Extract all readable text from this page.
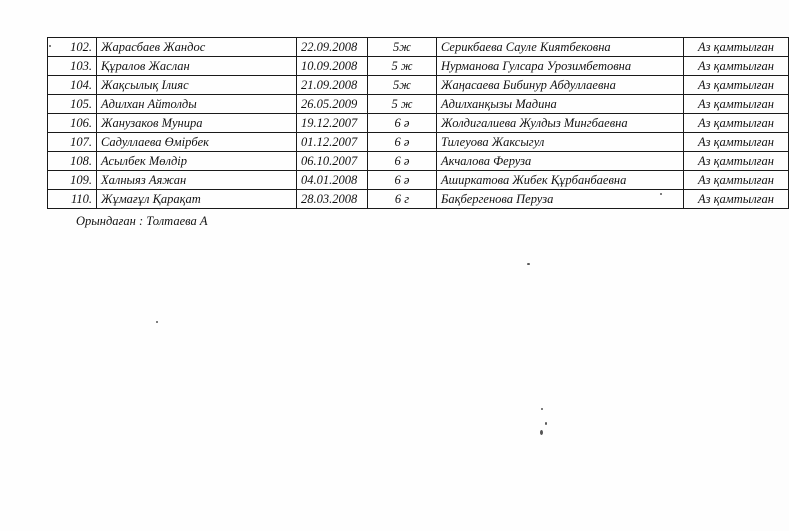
102.	Жарасбаев Жандос	22.09.2008	5ж	Серикбаева Сауле Киятбековна	Аз қамтылған
103.	Құралов Жаслан	10.09.2008	5 ж	Нурманова Гулсара Урозимбетовна	Аз қамтылған
104.	Жақсылық Ілияс	21.09.2008	5ж	Жаңасаева Бибинур Абдуллаевна	Аз қамтылған
105.	Адилхан Айтолды	26.05.2009	5 ж	Адилханқызы Мадина	Аз қамтылған
106.	Жанузаков Мунира	19.12.2007	6 ә	Жолдигалиева Жулдыз Мингбаевна	Аз қамтылған
107.	Садуллаева Өмірбек	01.12.2007	6 ә	Тилеуова Жаксыгул	Аз қамтылған
108.	Асылбек Мөлдір	06.10.2007	6 ә	Акчалова Феруза	Аз қамтылған
109.	Халныяз Аяжан	04.01.2008	6 ә	Аширкатова Жибек Құрбанбаевна	Аз қамтылған
110.	Жұмағұл Қарақат	28.03.2008	6 г	Бақбергенова Перуза	Аз қамтылған
Орындаған : Толтаева А
